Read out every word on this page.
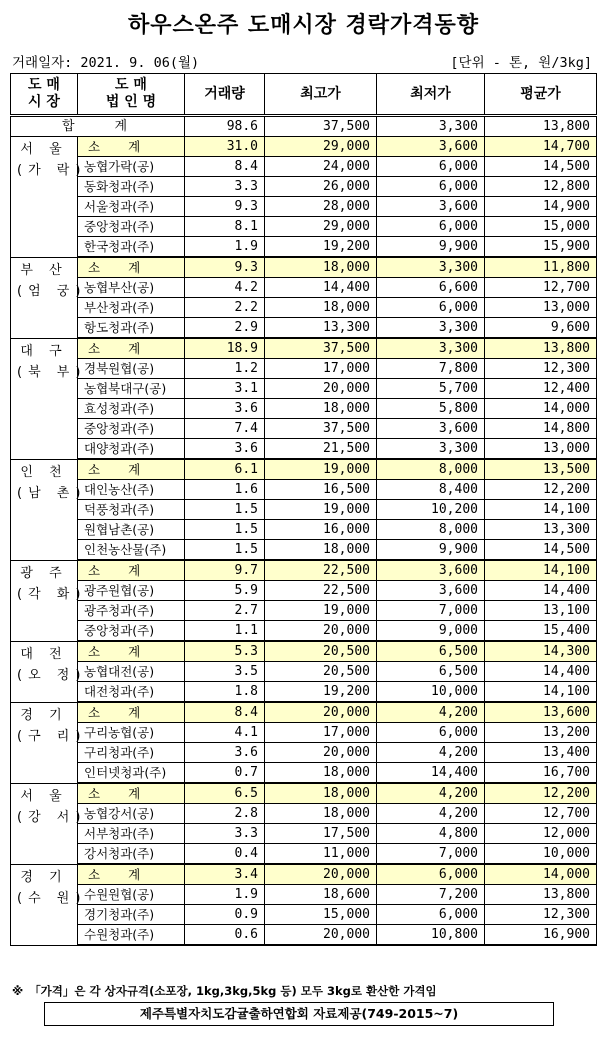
하우스온주 도매시장 경락가격동향
거래일자: 2021. 9. 06(월)	[단위 - 톤, 원/3kg]
도 매
시 장	도 매
법 인 명	거래량	최고가	최저가	평균가
합계		98.6	37,500	3,300	13,800

서 울
(가 락)	소계	31.0	29,000	3,600	14,700
	농협가락(공)	8.4	24,000	6,000	14,500
	동화청과(주)	3.3	26,000	6,000	12,800
	서울청과(주)	9.3	28,000	3,600	14,900
	중앙청과(주)	8.1	29,000	6,000	15,000
	한국청과(주)	1.9	19,200	9,900	15,900

부 산
(엄 궁)	소계	9.3	18,000	3,300	11,800
	농협부산(공)	4.2	14,400	6,600	12,700
	부산청과(주)	2.2	18,000	6,000	13,000
	항도청과(주)	2.9	13,300	3,300	9,600

대 구
(북 부)	소계	18.9	37,500	3,300	13,800
	경북원협(공)	1.2	17,000	7,800	12,300
	농협북대구(공)	3.1	20,000	5,700	12,400
	효성청과(주)	3.6	18,000	5,800	14,000
	중앙청과(주)	7.4	37,500	3,600	14,800
	대양청과(주)	3.6	21,500	3,300	13,000

인 천
(남 촌)	소계	6.1	19,000	8,000	13,500
	대인농산(주)	1.6	16,500	8,400	12,200
	덕풍청과(주)	1.5	19,000	10,200	14,100
	원협남촌(공)	1.5	16,000	8,000	13,300
	인천농산물(주)	1.5	18,000	9,900	14,500

광 주
(각 화)	소계	9.7	22,500	3,600	14,100
	광주원협(공)	5.9	22,500	3,600	14,400
	광주청과(주)	2.7	19,000	7,000	13,100
	중앙청과(주)	1.1	20,000	9,000	15,400

대 전
(오 정)	소계	5.3	20,500	6,500	14,300
	농협대전(공)	3.5	20,500	6,500	14,400
	대전청과(주)	1.8	19,200	10,000	14,100

경 기
(구 리)	소계	8.4	20,000	4,200	13,600
	구리농협(공)	4.1	17,000	6,000	13,200
	구리청과(주)	3.6	20,000	4,200	13,400
	인터넷청과(주)	0.7	18,000	14,400	16,700

서 울
(강 서)	소계	6.5	18,000	4,200	12,200
	농협강서(공)	2.8	18,000	4,200	12,700
	서부청과(주)	3.3	17,500	4,800	12,000
	강서청과(주)	0.4	11,000	7,000	10,000

경 기
(수 원)	소계	3.4	20,000	6,000	14,000
	수원원협(공)	1.9	18,600	7,200	13,800
	경기청과(주)	0.9	15,000	6,000	12,300
	수원청과(주)	0.6	20,000	10,800	16,900
※ 「가격」은 각 상자규격(소포장, 1kg,3kg,5kg 등) 모두 3kg로 환산한 가격임
제주특별자치도감귤출하연합회 자료제공(749-2015~7)
